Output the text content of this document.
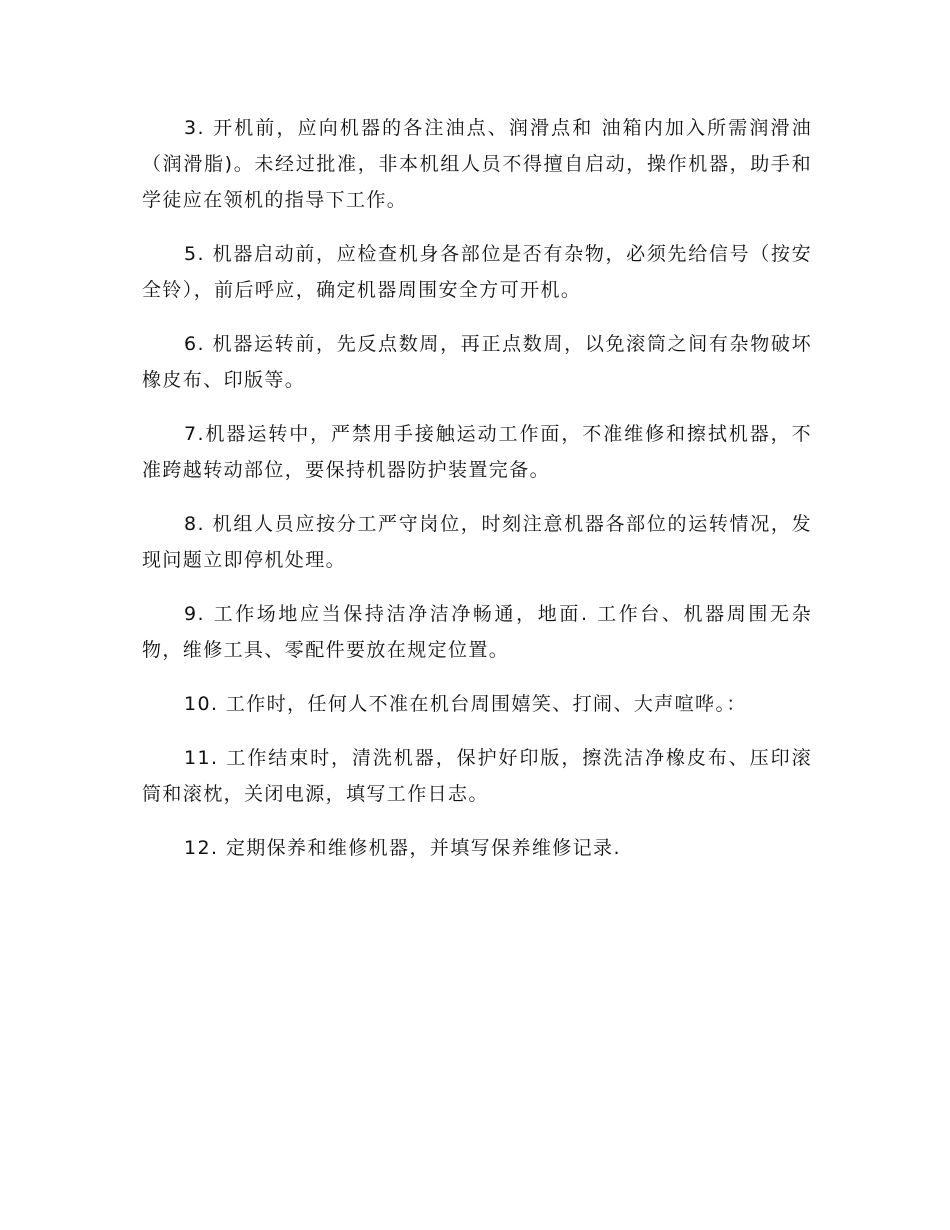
3. 开机前，应向机器的各注油点、润滑点和 油箱内加入所需润滑油（润滑脂)。未经过批准，非本机组人员不得擅自启动，操作机器，助手和学徒应在领机的指导下工作。

5. 机器启动前，应检查机身各部位是否有杂物，必须先给信号（按安全铃），前后呼应，确定机器周围安全方可开机。

6. 机器运转前，先反点数周，再正点数周，以免滚筒之间有杂物破坏橡皮布、印版等。

7.机器运转中，严禁用手接触运动工作面，不准维修和擦拭机器，不准跨越转动部位，要保持机器防护装置完备。

8. 机组人员应按分工严守岗位，时刻注意机器各部位的运转情况，发现问题立即停机处理。

9. 工作场地应当保持洁净洁净畅通，地面. 工作台、机器周围无杂物，维修工具、零配件要放在规定位置。

10. 工作时，任何人不准在机台周围嬉笑、打闹、大声喧哗。：

11. 工作结束时，清洗机器，保护好印版，擦洗洁净橡皮布、压印滚筒和滚枕，关闭电源，填写工作日志。

12. 定期保养和维修机器，并填写保养维修记录.
